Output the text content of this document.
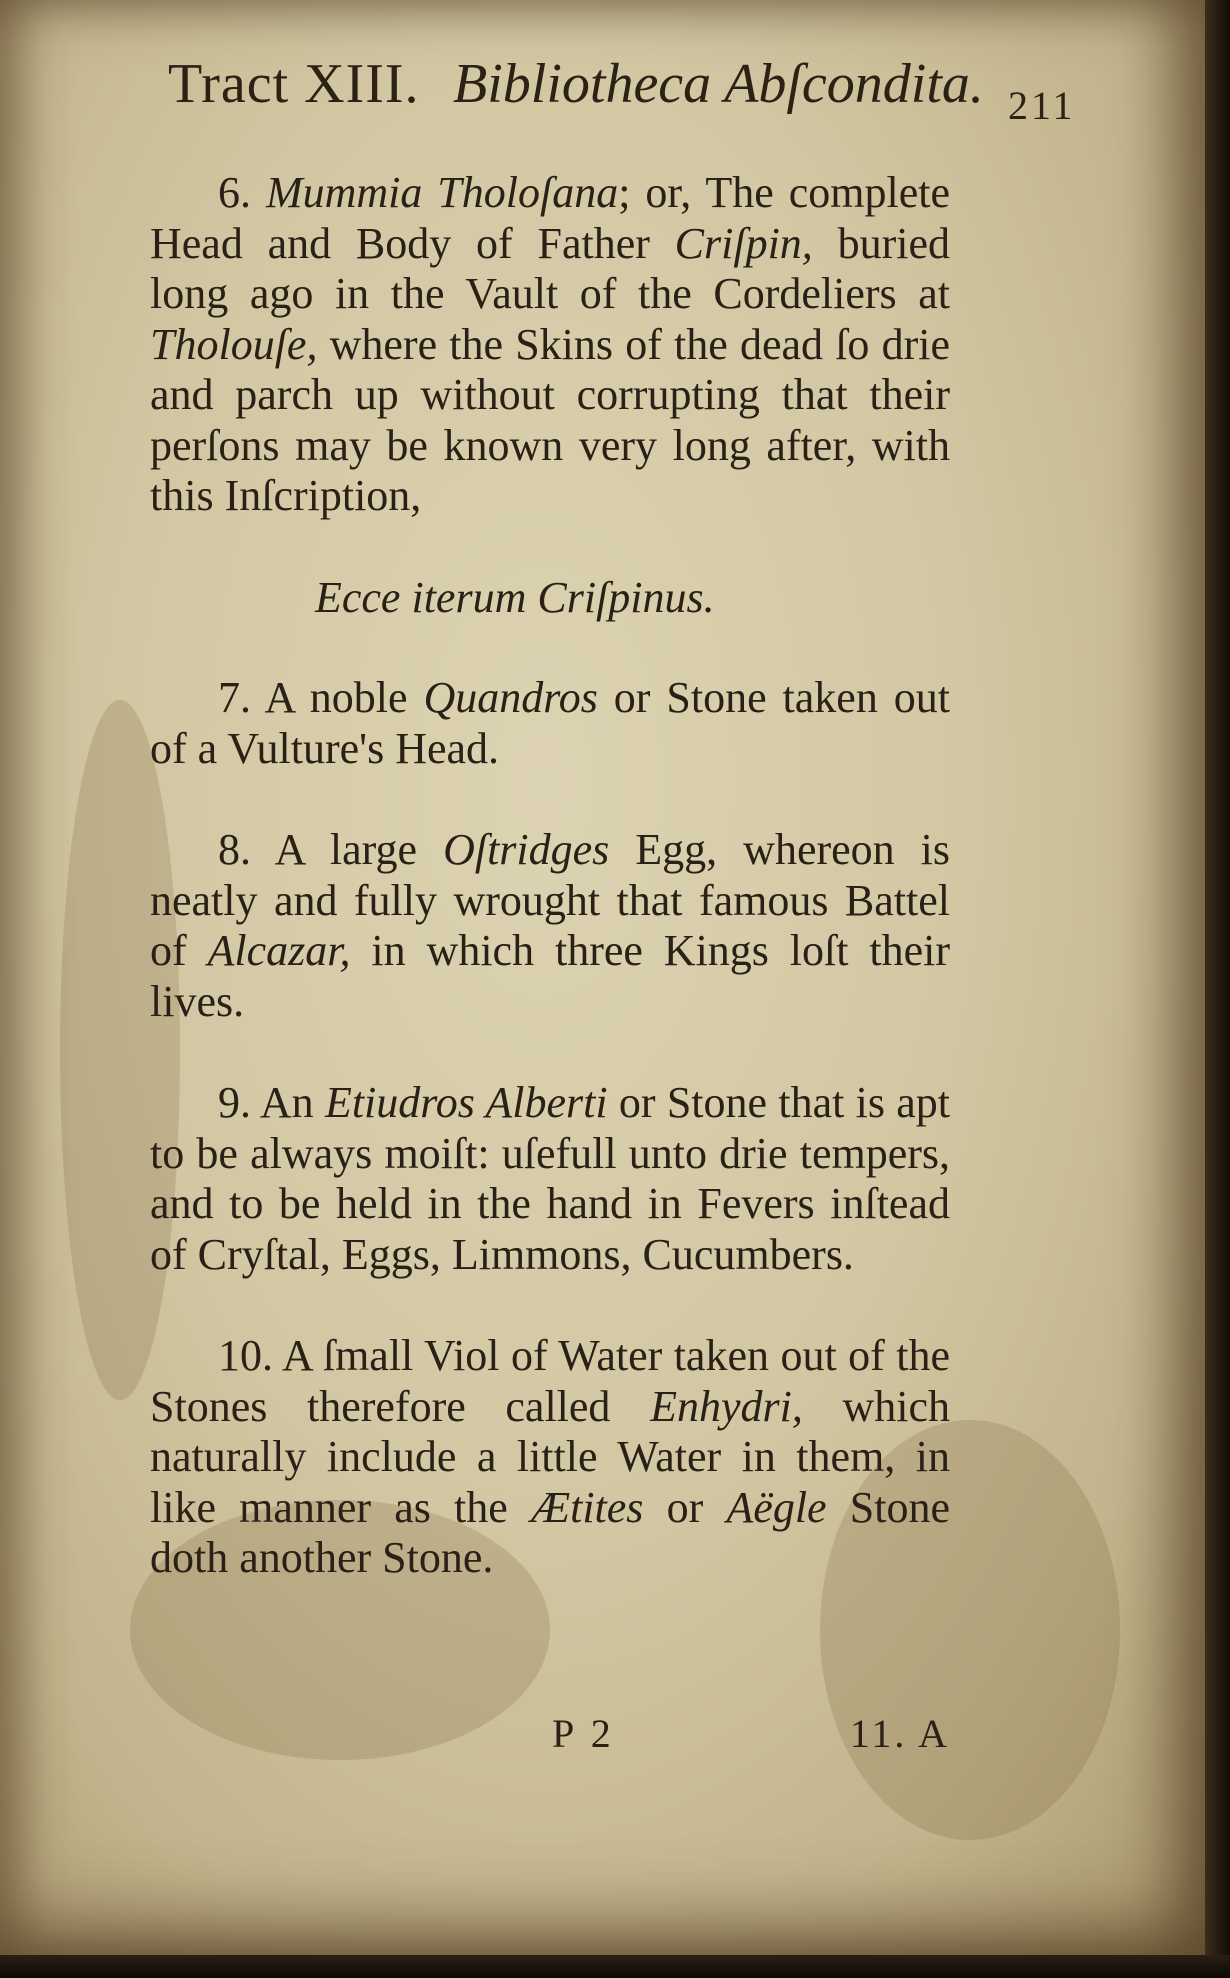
Tract XIII. Bibliotheca Abſcondita. 211

6. Mummia Tholoſana; or, The complete Head and Body of Father Criſpin, buried long ago in the Vault of the Cordeliers at Tholouſe, where the Skins of the dead ſo drie and parch up without corrupting that their perſons may be known very long after, with this Inſcription,

Ecce iterum Criſpinus.

7. A noble Quandros or Stone taken out of a Vulture's Head.

8. A large Oſtridges Egg, whereon is neatly and fully wrought that famous Battel of Alcazar, in which three Kings loſt their lives.

9. An Etiudros Alberti or Stone that is apt to be always moiſt: uſefull unto drie tempers, and to be held in the hand in Fevers inſtead of Cryſtal, Eggs, Limmons, Cucumbers.

10. A ſmall Viol of Water taken out of the Stones therefore called Enhydri, which naturally include a little Water in them, in like manner as the Ætites or Aëgle Stone doth another Stone.

P 2	11. A
